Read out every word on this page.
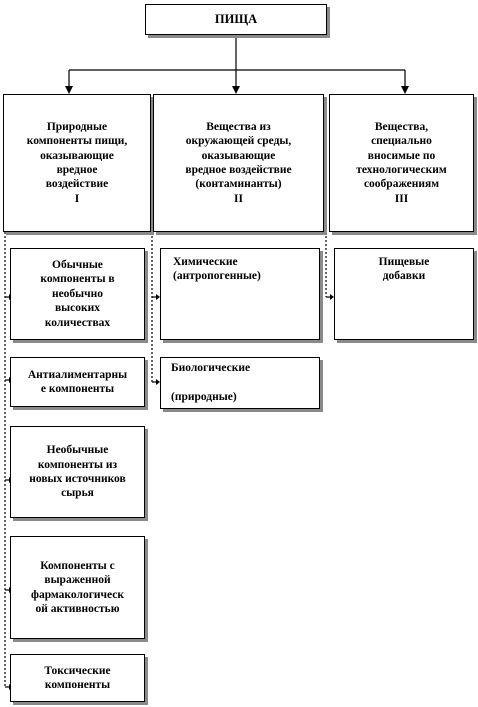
ПИЩА
Природные
компоненты пищи,
оказывающие
вредное
воздействие
I
Вещества из
окружающей среды,
оказывающие
вредное воздействие
(контаминанты)
II
Вещества,
специально
вносимые по
технологическим
соображениям
III
Обычные
компоненты в
необычно
высоких
количествах
Антиалиментарны
е компоненты
Необычные
компоненты из
новых источников
сырья
Компоненты с
выраженной
фармакологическ
ой активностью
Токсические
компоненты
Химические
(антропогенные)
Биологические

(природные)
Пищевые
добавки
